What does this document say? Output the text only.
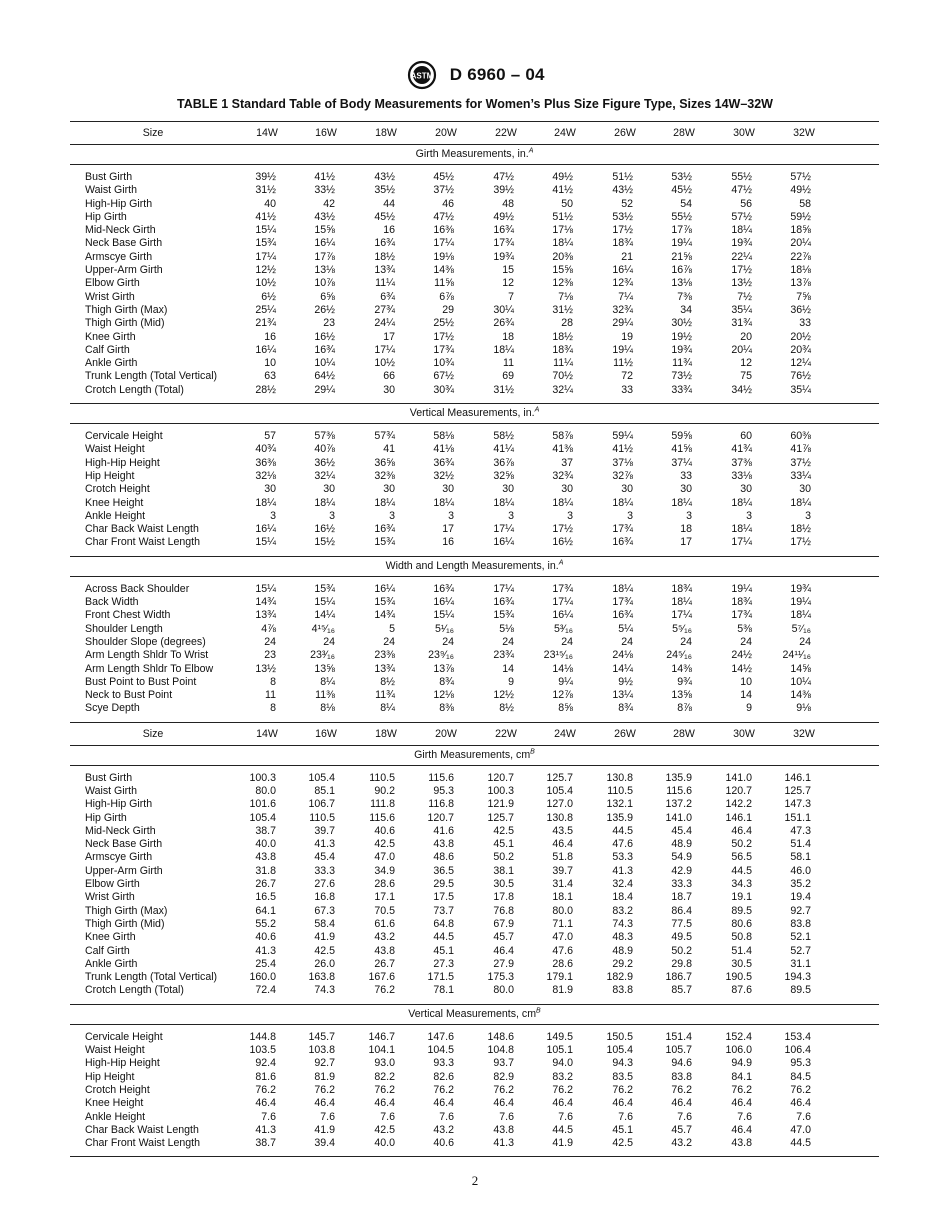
ASTM D 6960 – 04
TABLE 1 Standard Table of Body Measurements for Women’s Plus Size Figure Type, Sizes 14W–32W
Size	14W	16W	18W	20W	22W	24W	26W	28W	30W	32W
Girth Measurements, in.$^A$
Bust Girth	39½	41½	43½	45½	47½	49½	51½	53½	55½	57½
Waist Girth	31½	33½	35½	37½	39½	41½	43½	45½	47½	49½
High-Hip Girth	40	42	44	46	48	50	52	54	56	58
Hip Girth	41½	43½	45½	47½	49½	51½	53½	55½	57½	59½
Mid-Neck Girth	15¼	15⅝	16	16⅜	16¾	17⅛	17½	17⅞	18¼	18⅝
Neck Base Girth	15¾	16¼	16¾	17¼	17¾	18¼	18¾	19¼	19¾	20¼
Armscye Girth	17¼	17⅞	18½	19⅛	19¾	20⅜	21	21⅝	22¼	22⅞
Upper-Arm Girth	12½	13⅛	13¾	14⅜	15	15⅝	16¼	16⅞	17½	18⅛
Elbow Girth	10½	10⅞	11¼	11⅝	12	12⅜	12¾	13⅛	13½	13⅞
Wrist Girth	6½	6⅝	6¾	6⅞	7	7⅛	7¼	7⅜	7½	7⅝
Thigh Girth (Max)	25¼	26½	27¾	29	30¼	31½	32¾	34	35¼	36½
Thigh Girth (Mid)	21¾	23	24¼	25½	26¾	28	29¼	30½	31¾	33
Knee Girth	16	16½	17	17½	18	18½	19	19½	20	20½
Calf Girth	16¼	16¾	17¼	17¾	18¼	18¾	19¼	19¾	20¼	20¾
Ankle Girth	10	10¼	10½	10¾	11	11¼	11½	11¾	12	12¼
Trunk Length (Total Vertical)	63	64½	66	67½	69	70½	72	73½	75	76½
Crotch Length (Total)	28½	29¼	30	30¾	31½	32¼	33	33¾	34½	35¼
Vertical Measurements, in.$^A$
Cervicale Height	57	57⅜	57¾	58⅛	58½	58⅞	59¼	59⅝	60	60⅜
Waist Height	40¾	40⅞	41	41⅛	41¼	41⅜	41½	41⅝	41¾	41⅞
High-Hip Height	36⅜	36½	36⅝	36¾	36⅞	37	37⅛	37¼	37⅜	37½
Hip Height	32⅛	32¼	32⅜	32½	32⅝	32¾	32⅞	33	33⅛	33¼
Crotch Height	30	30	30	30	30	30	30	30	30	30
Knee Height	18¼	18¼	18¼	18¼	18¼	18¼	18¼	18¼	18¼	18¼
Ankle Height	3	3	3	3	3	3	3	3	3	3
Char Back Waist Length	16¼	16½	16¾	17	17¼	17½	17¾	18	18¼	18½
Char Front Waist Length	15¼	15½	15¾	16	16¼	16½	16¾	17	17¼	17½
Width and Length Measurements, in.$^A$
Across Back Shoulder	15¼	15¾	16¼	16¾	17¼	17¾	18¼	18¾	19¼	19¾
Back Width	14¾	15¼	15¾	16¼	16¾	17¼	17¾	18¼	18¾	19¼
Front Chest Width	13¾	14¼	14¾	15¼	15¾	16¼	16¾	17¼	17¾	18¼
Shoulder Length	4⅞	4¹⁵⁄₁₆	5	5¹⁄₁₆	5⅛	5³⁄₁₆	5¼	5⁵⁄₁₆	5⅜	5⁷⁄₁₆
Shoulder Slope (degrees)	24	24	24	24	24	24	24	24	24	24
Arm Length Shldr To Wrist	23	23³⁄₁₆	23⅜	23⁹⁄₁₆	23¾	23¹⁵⁄₁₆	24⅛	24⁵⁄₁₆	24½	24¹¹⁄₁₆
Arm Length Shldr To Elbow	13½	13⅝	13¾	13⅞	14	14⅛	14¼	14⅜	14½	14⅝
Bust Point to Bust Point	8	8¼	8½	8¾	9	9¼	9½	9¾	10	10¼
Neck to Bust Point	11	11⅜	11¾	12⅛	12½	12⅞	13¼	13⅝	14	14⅜
Scye Depth	8	8⅛	8¼	8⅜	8½	8⅝	8¾	8⅞	9	9⅛
Size	14W	16W	18W	20W	22W	24W	26W	28W	30W	32W
Girth Measurements, $cm^B$
Bust Girth	100.3	105.4	110.5	115.6	120.7	125.7	130.8	135.9	141.0	146.1
Waist Girth	80.0	85.1	90.2	95.3	100.3	105.4	110.5	115.6	120.7	125.7
High-Hip Girth	101.6	106.7	111.8	116.8	121.9	127.0	132.1	137.2	142.2	147.3
Hip Girth	105.4	110.5	115.6	120.7	125.7	130.8	135.9	141.0	146.1	151.1
Mid-Neck Girth	38.7	39.7	40.6	41.6	42.5	43.5	44.5	45.4	46.4	47.3
Neck Base Girth	40.0	41.3	42.5	43.8	45.1	46.4	47.6	48.9	50.2	51.4
Armscye Girth	43.8	45.4	47.0	48.6	50.2	51.8	53.3	54.9	56.5	58.1
Upper-Arm Girth	31.8	33.3	34.9	36.5	38.1	39.7	41.3	42.9	44.5	46.0
Elbow Girth	26.7	27.6	28.6	29.5	30.5	31.4	32.4	33.3	34.3	35.2
Wrist Girth	16.5	16.8	17.1	17.5	17.8	18.1	18.4	18.7	19.1	19.4
Thigh Girth (Max)	64.1	67.3	70.5	73.7	76.8	80.0	83.2	86.4	89.5	92.7
Thigh Girth (Mid)	55.2	58.4	61.6	64.8	67.9	71.1	74.3	77.5	80.6	83.8
Knee Girth	40.6	41.9	43.2	44.5	45.7	47.0	48.3	49.5	50.8	52.1
Calf Girth	41.3	42.5	43.8	45.1	46.4	47.6	48.9	50.2	51.4	52.7
Ankle Girth	25.4	26.0	26.7	27.3	27.9	28.6	29.2	29.8	30.5	31.1
Trunk Length (Total Vertical)	160.0	163.8	167.6	171.5	175.3	179.1	182.9	186.7	190.5	194.3
Crotch Length (Total)	72.4	74.3	76.2	78.1	80.0	81.9	83.8	85.7	87.6	89.5
Vertical Measurements, $cm^B$
Cervicale Height	144.8	145.7	146.7	147.6	148.6	149.5	150.5	151.4	152.4	153.4
Waist Height	103.5	103.8	104.1	104.5	104.8	105.1	105.4	105.7	106.0	106.4
High-Hip Height	92.4	92.7	93.0	93.3	93.7	94.0	94.3	94.6	94.9	95.3
Hip Height	81.6	81.9	82.2	82.6	82.9	83.2	83.5	83.8	84.1	84.5
Crotch Height	76.2	76.2	76.2	76.2	76.2	76.2	76.2	76.2	76.2	76.2
Knee Height	46.4	46.4	46.4	46.4	46.4	46.4	46.4	46.4	46.4	46.4
Ankle Height	7.6	7.6	7.6	7.6	7.6	7.6	7.6	7.6	7.6	7.6
Char Back Waist Length	41.3	41.9	42.5	43.2	43.8	44.5	45.1	45.7	46.4	47.0
Char Front Waist Length	38.7	39.4	40.0	40.6	41.3	41.9	42.5	43.2	43.8	44.5
2
